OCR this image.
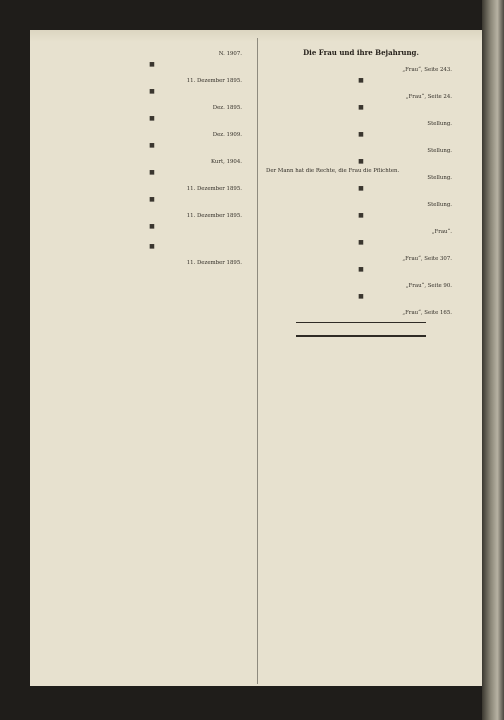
N. 1907.
■
11. Dezember 1895.
■
Dez. 1895.
■
Dez. 1909.
■
Kurt, 1904.
■
11. Dezember 1895.
■
11. Dezember 1895.
■
■
11. Dezember 1895.
Die Frau und ihre Bejahrung.
„Frau“, Seite 243.
■
„Frau“, Seite 24.
■
Stellung.
■
Stellung.
■
Der Mann hat die Rechte, die Frau die Pflichten.
Stellung.
■
Stellung.
■
„Frau“.
■
„Frau“, Seite 307.
■
„Frau“, Seite 90.
■
„Frau“, Seite 165.
